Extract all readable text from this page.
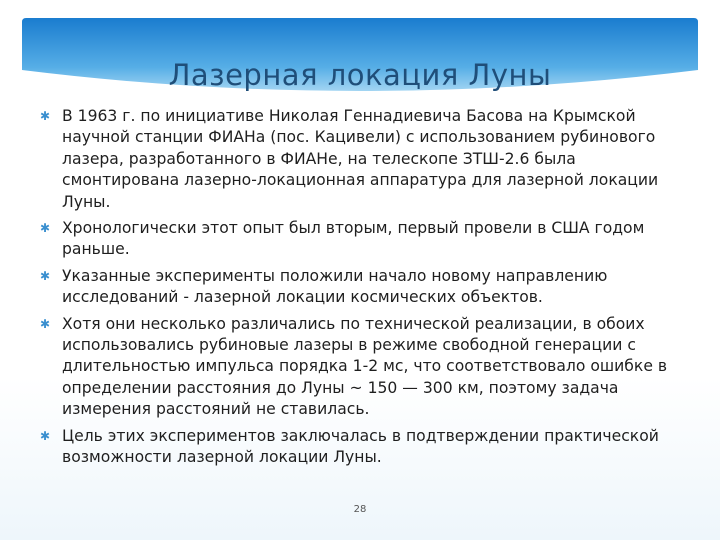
Лазерная локация Луны
✱ В 1963 г. по инициативе Николая Геннадиевича Басова на Крымской научной станции ФИАНа (пос. Кацивели) с использованием рубинового лазера, разработанного в ФИАНе, на телескопе ЗТШ-2.6 была смонтирована лазерно-локационная аппаратура для лазерной локации Луны.
✱ Хронологически этот опыт был вторым, первый провели в США годом раньше.
✱ Указанные эксперименты положили начало новому направлению исследований - лазерной локации космических объектов.
✱ Хотя они несколько различались по технической реализации, в обоих использовались рубиновые лазеры в режиме свободной генерации с длительностью импульса порядка 1-2 мс, что соответствовало ошибке в определении расстояния до Луны ~ 150 — 300 км, поэтому задача измерения расстояний не ставилась.
✱ Цель этих экспериментов заключалась в подтверждении практической возможности лазерной локации Луны.
28
